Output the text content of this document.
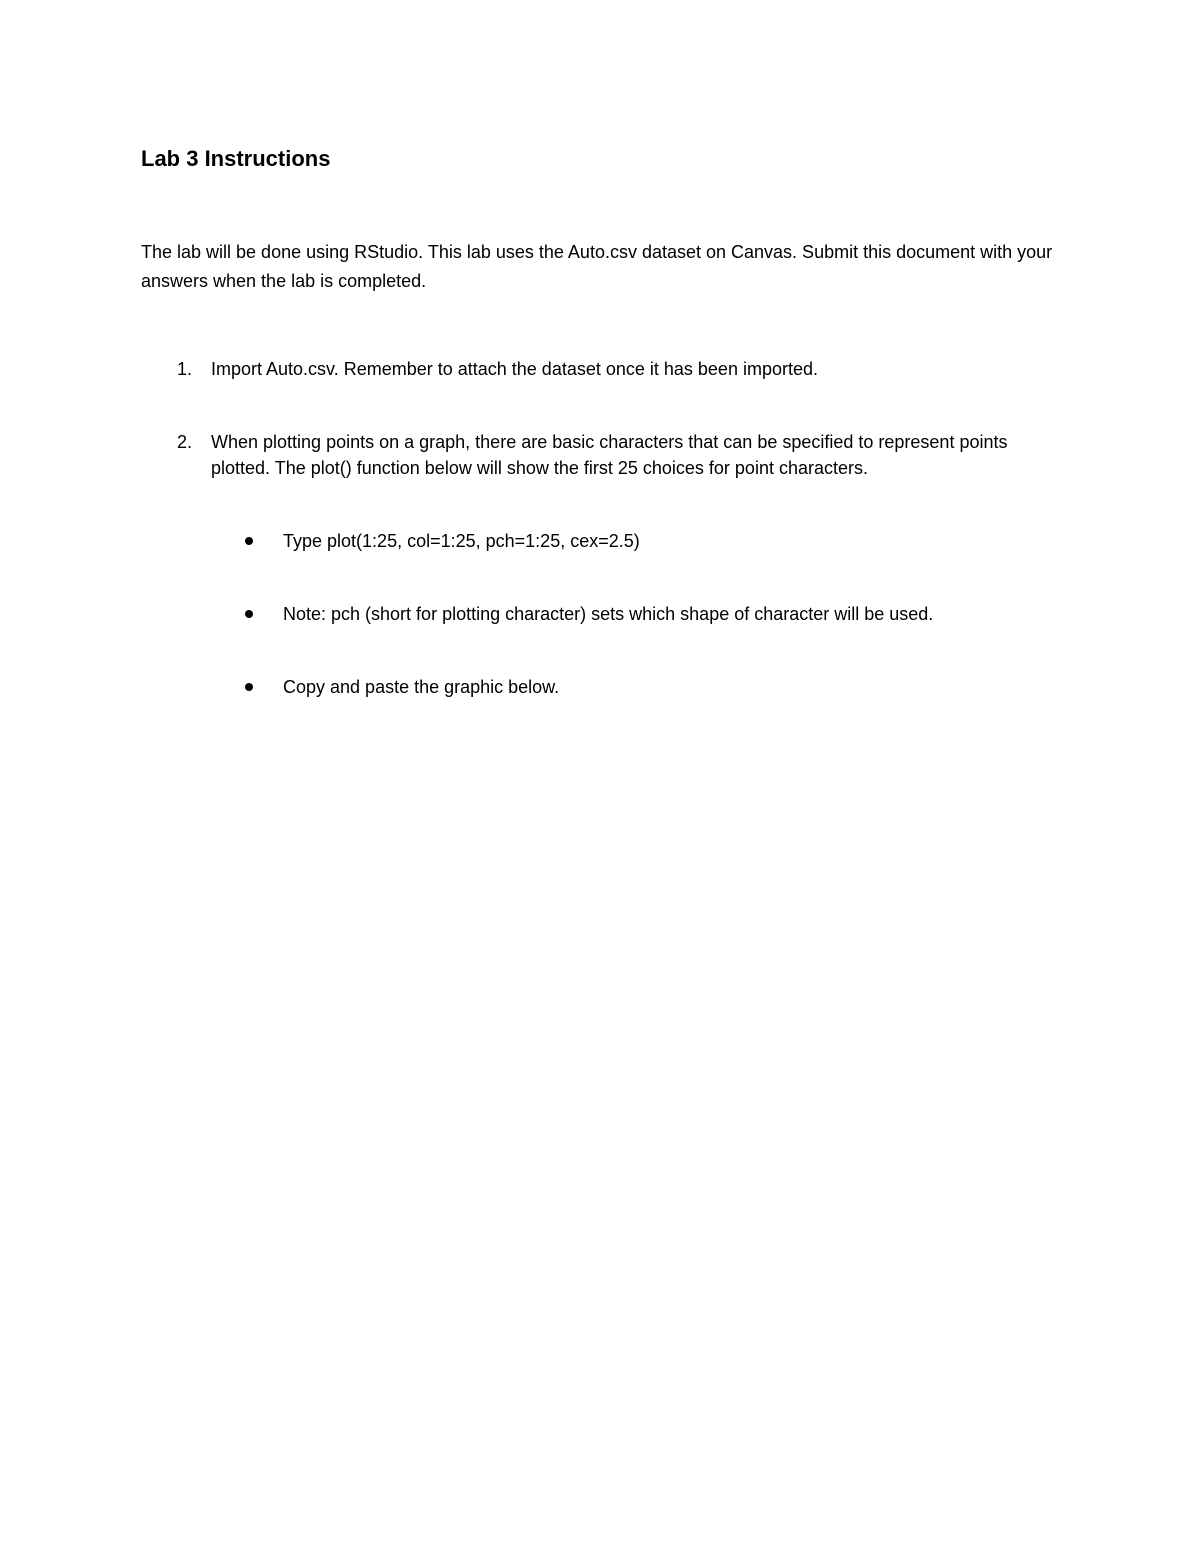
Lab 3 Instructions

The lab will be done using RStudio. This lab uses the Auto.csv dataset on Canvas. Submit this document with your answers when the lab is completed.

1. Import Auto.csv. Remember to attach the dataset once it has been imported.
2. When plotting points on a graph, there are basic characters that can be specified to represent points plotted. The plot() function below will show the first 25 choices for point characters.
Type plot(1:25, col=1:25, pch=1:25, cex=2.5)
Note: pch (short for plotting character) sets which shape of character will be used.
Copy and paste the graphic below.
